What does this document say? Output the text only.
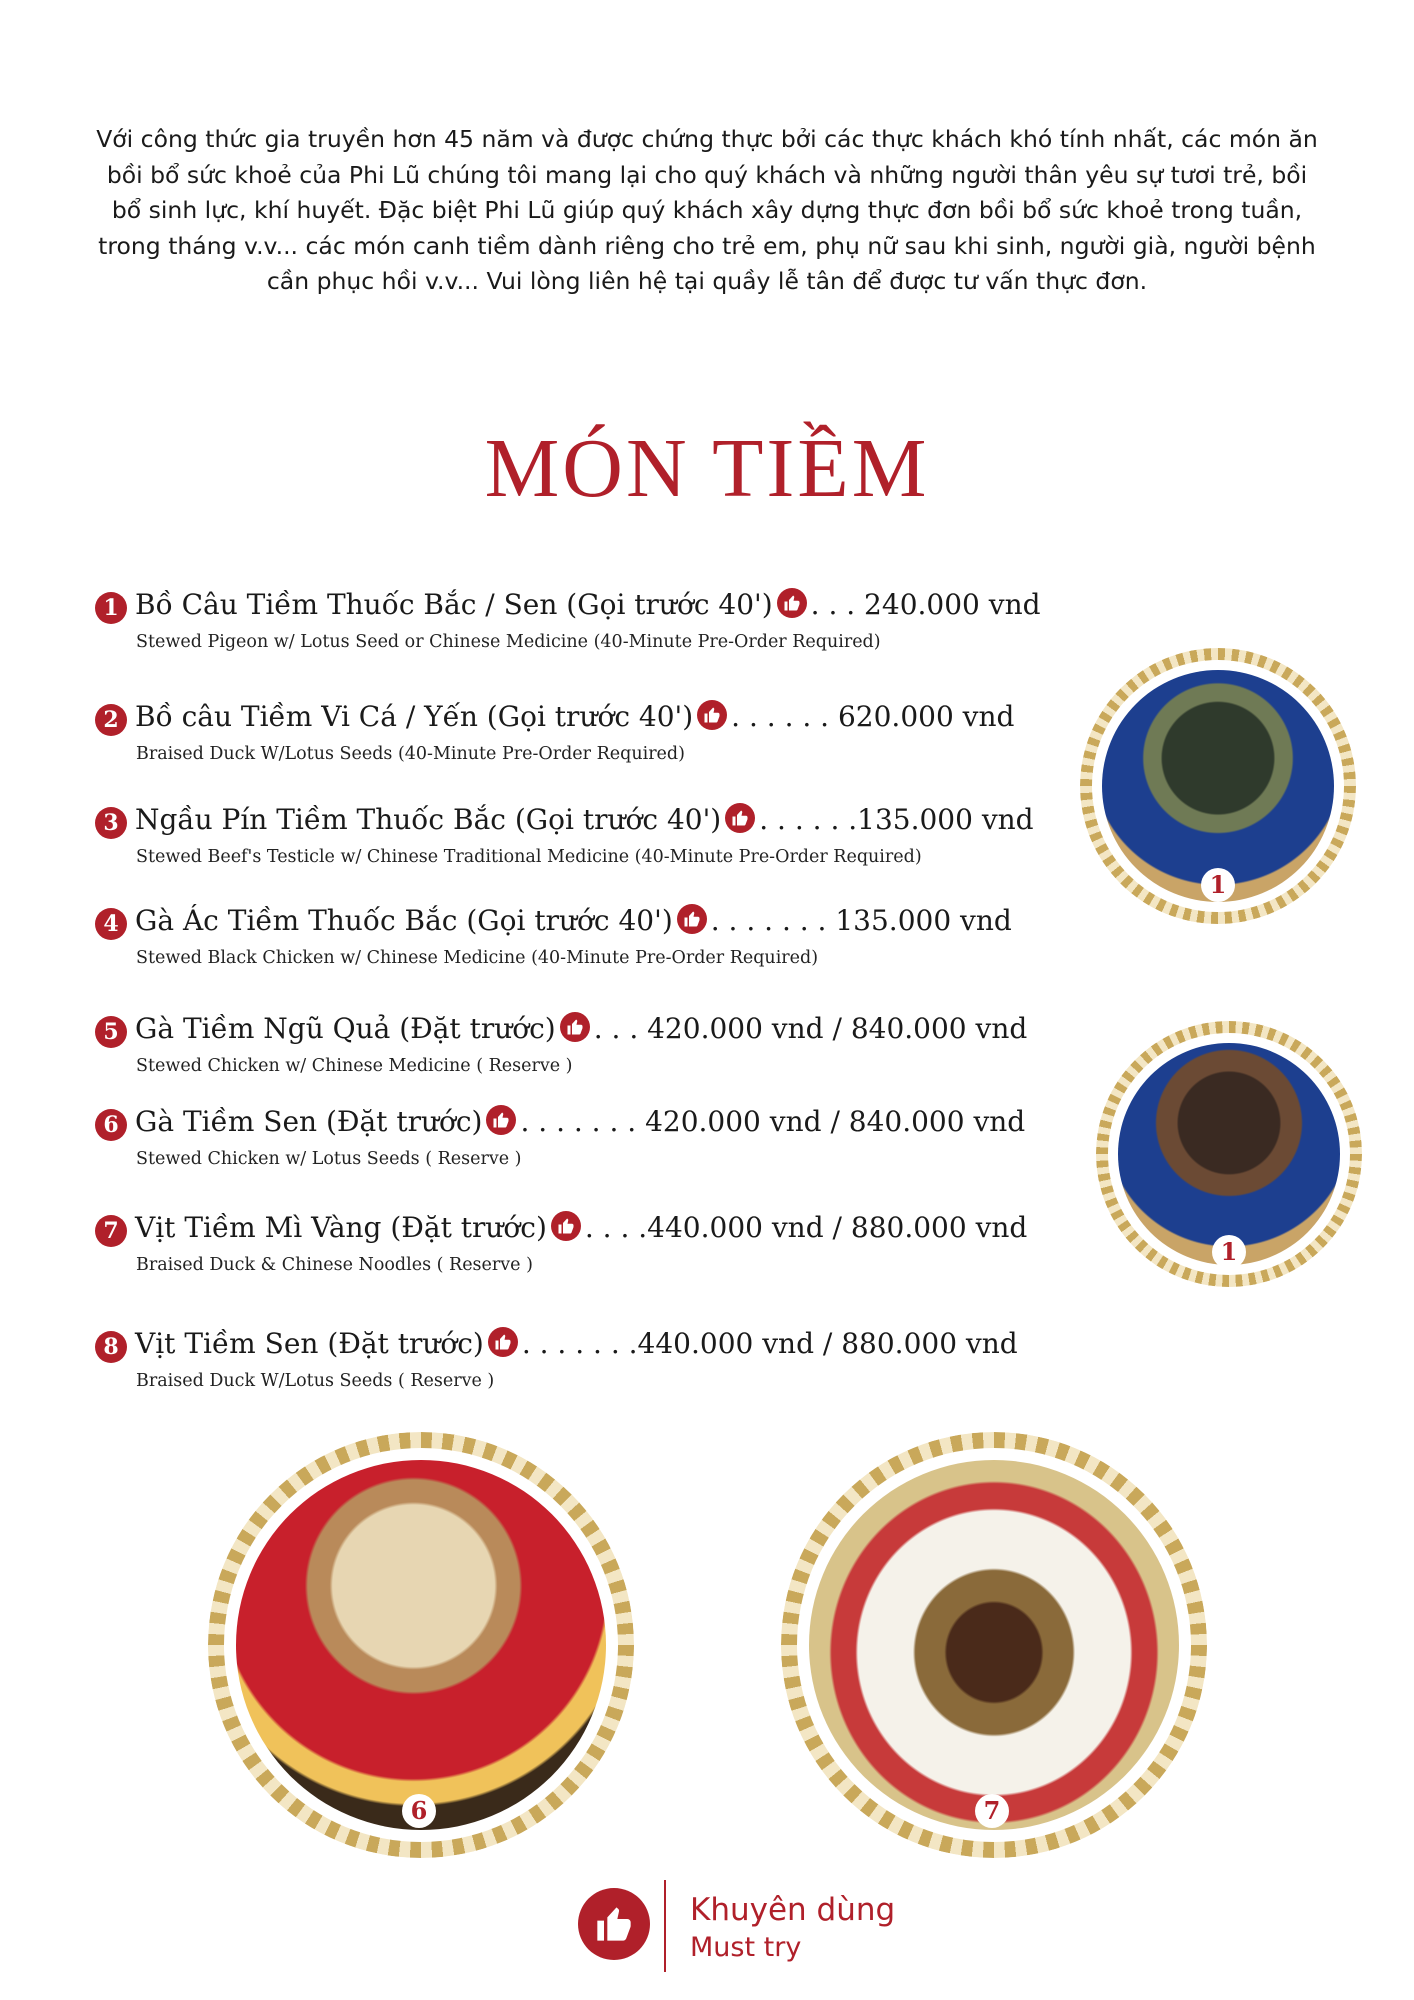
Với công thức gia truyền hơn 45 năm và được chứng thực bởi các thực khách khó tính nhất, các món ăn bồi bổ sức khoẻ của Phi Lũ chúng tôi mang lại cho quý khách và những người thân yêu sự tươi trẻ, bồi bổ sinh lực, khí huyết. Đặc biệt Phi Lũ giúp quý khách xây dựng thực đơn bồi bổ sức khoẻ trong tuần, trong tháng v.v... các món canh tiềm dành riêng cho trẻ em, phụ nữ sau khi sinh, người già, người bệnh cần phục hồi v.v... Vui lòng liên hệ tại quầy lễ tân để được tư vấn thực đơn.
MÓN TIỀM
1 Bồ Câu Tiềm Thuốc Bắc / Sen (Gọi trước 40') . . . 240.000 vnd
Stewed Pigeon w/ Lotus Seed or Chinese Medicine (40-Minute Pre-Order Required)
2 Bồ câu Tiềm Vi Cá / Yến (Gọi trước 40') . . . . . . 620.000 vnd
Braised Duck W/Lotus Seeds (40-Minute Pre-Order Required)
3 Ngầu Pín Tiềm Thuốc Bắc (Gọi trước 40') . . . . . .135.000 vnd
Stewed Beef's Testicle w/ Chinese Traditional Medicine (40-Minute Pre-Order Required)
4 Gà Ác Tiềm Thuốc Bắc (Gọi trước 40') . . . . . . . 135.000 vnd
Stewed Black Chicken w/ Chinese Medicine (40-Minute Pre-Order Required)
5 Gà Tiềm Ngũ Quả (Đặt trước) . . . 420.000 vnd / 840.000 vnd
Stewed Chicken w/ Chinese Medicine ( Reserve )
6 Gà Tiềm Sen (Đặt trước) . . . . . . . 420.000 vnd / 840.000 vnd
Stewed Chicken w/ Lotus Seeds ( Reserve )
7 Vịt Tiềm Mì Vàng (Đặt trước) . . . .440.000 vnd / 880.000 vnd
Braised Duck & Chinese Noodles ( Reserve )
8 Vịt Tiềm Sen (Đặt trước) . . . . . . .440.000 vnd / 880.000 vnd
Braised Duck W/Lotus Seeds ( Reserve )
1
1
6	7
Khuyên dùng
Must try
